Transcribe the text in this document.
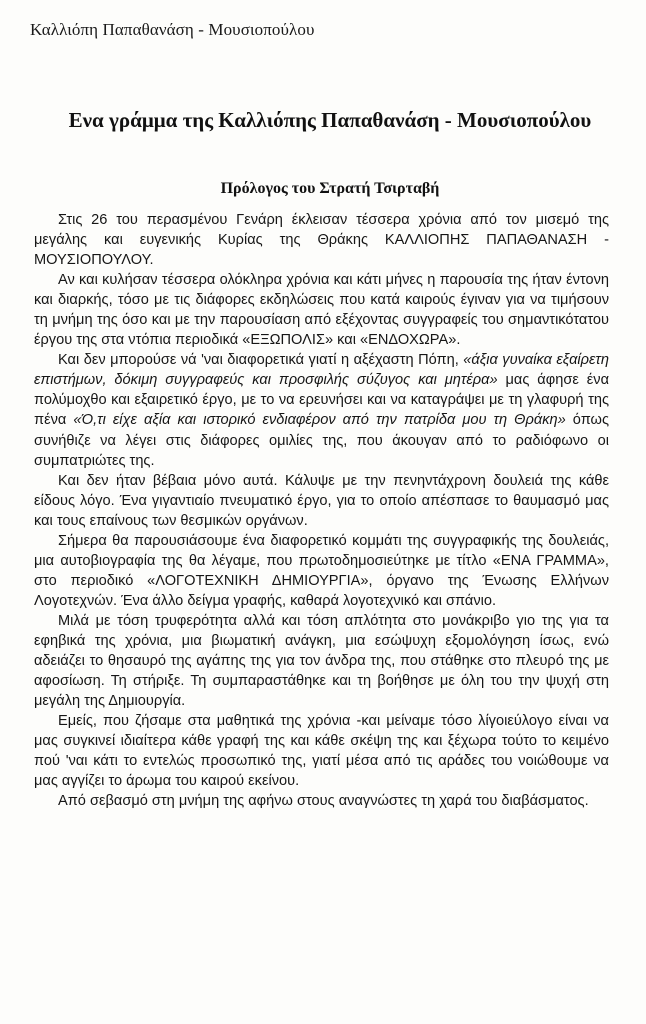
Καλλιόπη Παπαθανάση - Μουσιοπούλου
Ενα γράμμα της Καλλιόπης Παπαθανάση - Μουσιοπούλου
Πρόλογος του Στρατή Τσιρταβή

Στις 26 του περασμένου Γενάρη έκλεισαν τέσσερα χρόνια από τον μισεμό της μεγάλης και ευγενικής Κυρίας της Θράκης ΚΑΛΛΙΟΠΗΣ ΠΑΠΑΘΑΝΑΣΗ - ΜΟΥΣΙΟΠΟΥΛΟΥ.

Αν και κυλήσαν τέσσερα ολόκληρα χρόνια και κάτι μήνες η παρουσία της ήταν έντονη και διαρκής, τόσο με τις διάφορες εκδηλώσεις που κατά καιρούς έγιναν για να τιμήσουν τη μνήμη της όσο και με την παρουσίαση από εξέχοντας συγγραφείς του σημαντικότατου έργου της στα ντόπια περιοδικά «ΕΞΩΠΟΛΙΣ» και «ΕΝΔΟΧΩΡΑ».

Και δεν μπορούσε νά 'ναι διαφορετικά γιατί η αξέχαστη Πόπη, «άξια γυναίκα εξαίρετη επιστήμων, δόκιμη συγγραφεύς και προσφιλής σύζυγος και μητέρα» μας άφησε ένα πολύμοχθο και εξαιρετικό έργο, με το να ερευνήσει και να καταγράψει με τη γλαφυρή της πένα «Ό,τι είχε αξία και ιστορικό ενδιαφέρον από την πατρίδα μου τη Θράκη» όπως συνήθιζε να λέγει στις διάφορες ομιλίες της, που άκουγαν από το ραδιόφωνο οι συμπατριώτες της.

Και δεν ήταν βέβαια μόνο αυτά. Κάλυψε με την πενηντάχρονη δουλειά της κάθε είδους λόγο. Ένα γιγαντιαίο πνευματικό έργο, για το οποίο απέσπασε το θαυμασμό μας και τους επαίνους των θεσμικών οργάνων.

Σήμερα θα παρουσιάσουμε ένα διαφορετικό κομμάτι της συγγραφικής της δουλειάς, μια αυτοβιογραφία της θα λέγαμε, που πρωτοδημοσιεύτηκε με τίτλο «ΕΝΑ ΓΡΑΜΜΑ», στο περιοδικό «ΛΟΓΟΤΕΧΝΙΚΗ ΔΗΜΙΟΥΡΓΙΑ», όργανο της Ένωσης Ελλήνων Λογοτεχνών. Ένα άλλο δείγμα γραφής, καθαρά λογοτεχνικό και σπάνιο.

Μιλά με τόση τρυφερότητα αλλά και τόση απλότητα στο μονάκριβο γιο της για τα εφηβικά της χρόνια, μια βιωματική ανάγκη, μια εσώψυχη εξομολόγηση ίσως, ενώ αδειάζει το θησαυρό της αγάπης της για τον άνδρα της, που στάθηκε στο πλευρό της με αφοσίωση. Τη στήριξε. Τη συμπαραστάθηκε και τη βοήθησε με όλη του την ψυχή στη μεγάλη της Δημιουργία.

Εμείς, που ζήσαμε στα μαθητικά της χρόνια -και μείναμε τόσο λίγοιεύλογο είναι να μας συγκινεί ιδιαίτερα κάθε γραφή της και κάθε σκέψη της και ξέχωρα τούτο το κειμένο πού 'ναι κάτι το εντελώς προσωπικό της, γιατί μέσα από τις αράδες του νοιώθουμε να μας αγγίζει το άρωμα του καιρού εκείνου.

Από σεβασμό στη μνήμη της αφήνω στους αναγνώστες τη χαρά του διαβάσματος.
